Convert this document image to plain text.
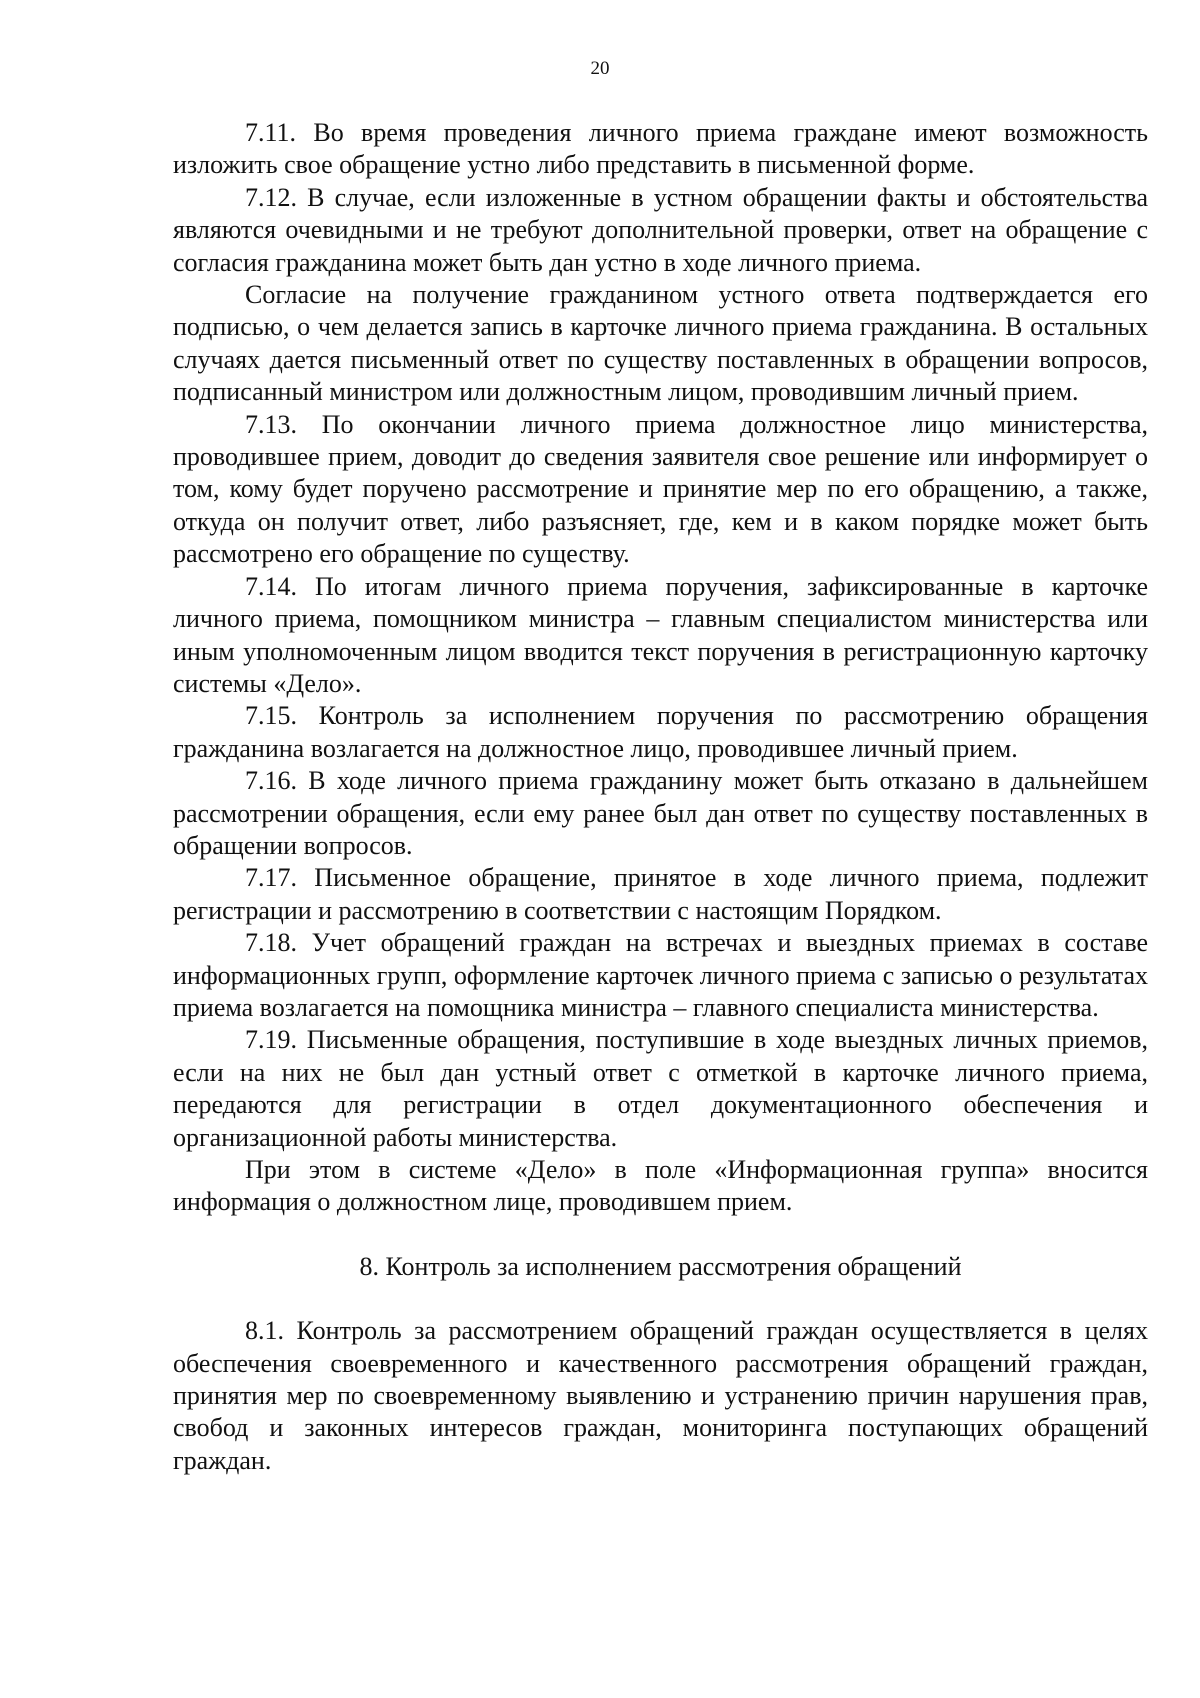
20

7.11. Во время проведения личного приема граждане имеют возможность изложить свое обращение устно либо представить в письменной форме.

7.12. В случае, если изложенные в устном обращении факты и обстоятельства являются очевидными и не требуют дополнительной проверки, ответ на обращение с согласия гражданина может быть дан устно в ходе личного приема.

Согласие на получение гражданином устного ответа подтверждается его подписью, о чем делается запись в карточке личного приема гражданина. В остальных случаях дается письменный ответ по существу поставленных в обращении вопросов, подписанный министром или должностным лицом, проводившим личный прием.

7.13. По окончании личного приема должностное лицо министерства, проводившее прием, доводит до сведения заявителя свое решение или информирует о том, кому будет поручено рассмотрение и принятие мер по его обращению, а также, откуда он получит ответ, либо разъясняет, где, кем и в каком порядке может быть рассмотрено его обращение по существу.

7.14. По итогам личного приема поручения, зафиксированные в карточке личного приема, помощником министра – главным специалистом министерства или иным уполномоченным лицом вводится текст поручения в регистрационную карточку системы «Дело».

7.15. Контроль за исполнением поручения по рассмотрению обращения гражданина возлагается на должностное лицо, проводившее личный прием.

7.16. В ходе личного приема гражданину может быть отказано в дальнейшем рассмотрении обращения, если ему ранее был дан ответ по существу поставленных в обращении вопросов.

7.17. Письменное обращение, принятое в ходе личного приема, подлежит регистрации и рассмотрению в соответствии с настоящим Порядком.

7.18. Учет обращений граждан на встречах и выездных приемах в составе информационных групп, оформление карточек личного приема с записью о результатах приема возлагается на помощника министра – главного специалиста министерства.

7.19. Письменные обращения, поступившие в ходе выездных личных приемов, если на них не был дан устный ответ с отметкой в карточке личного приема, передаются для регистрации в отдел документационного обеспечения и организационной работы министерства.

При этом в системе «Дело» в поле «Информационная группа» вносится информация о должностном лице, проводившем прием.

8. Контроль за исполнением рассмотрения обращений

8.1. Контроль за рассмотрением обращений граждан осуществляется в целях обеспечения своевременного и качественного рассмотрения обращений граждан, принятия мер по своевременному выявлению и устранению причин нарушения прав, свобод и законных интересов граждан, мониторинга поступающих обращений граждан.
